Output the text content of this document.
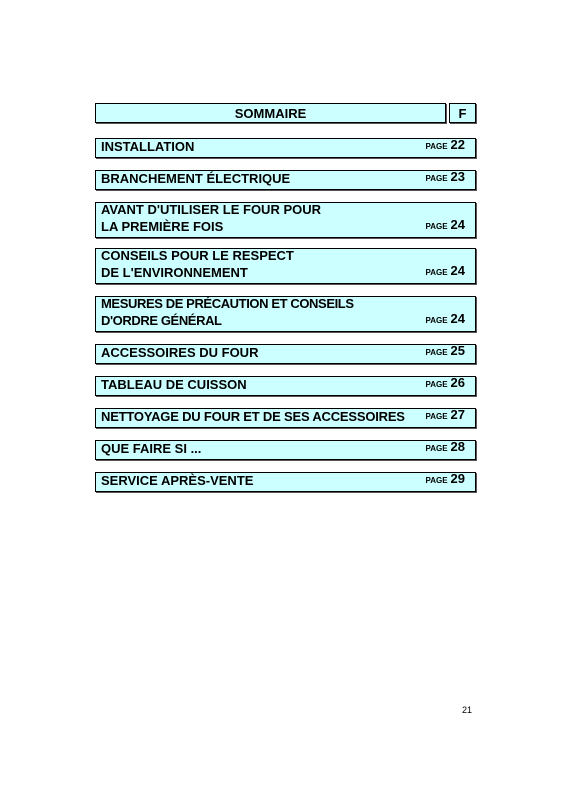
SOMMAIRE	F
INSTALLATION	PAGE 22
BRANCHEMENT ÉLECTRIQUE	PAGE 23
AVANT D'UTILISER LE FOUR POUR
LA PREMIÈRE FOIS	PAGE 24
CONSEILS POUR LE RESPECT
DE L'ENVIRONNEMENT	PAGE 24
MESURES DE PRÉCAUTION ET CONSEILS
D'ORDRE GÉNÉRAL	PAGE 24
ACCESSOIRES DU FOUR	PAGE 25
TABLEAU DE CUISSON	PAGE 26
NETTOYAGE DU FOUR ET DE SES ACCESSOIRES	PAGE 27
QUE FAIRE SI ...	PAGE 28
SERVICE APRÈS-VENTE	PAGE 29
21
